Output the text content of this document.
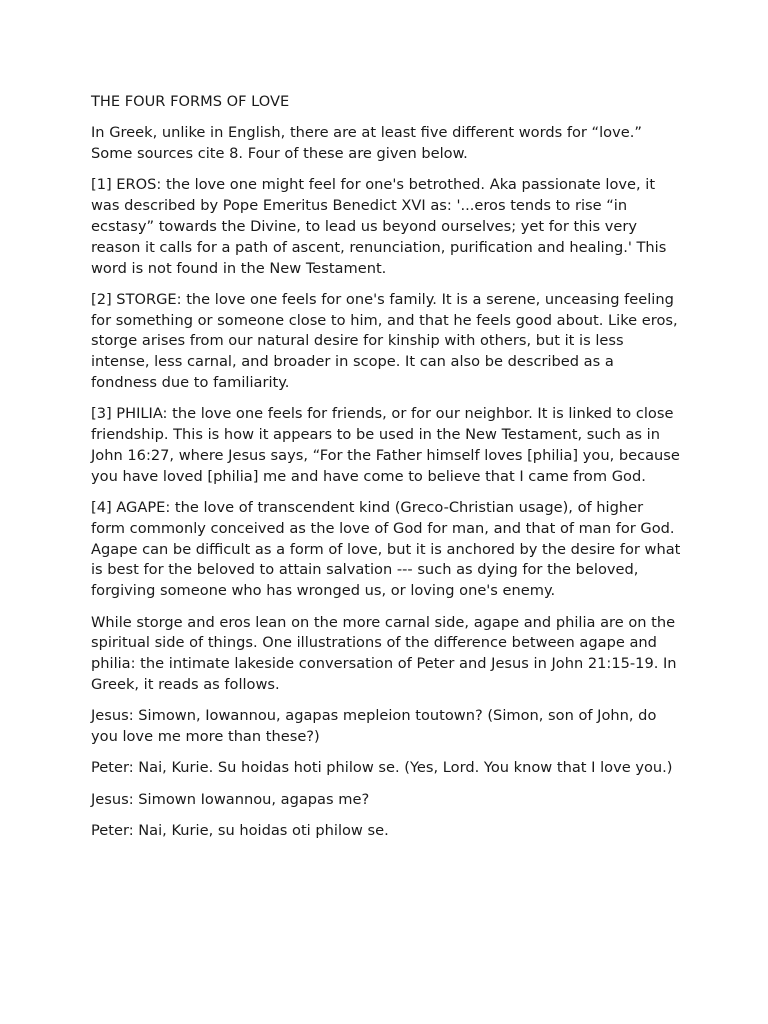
THE FOUR FORMS OF LOVE

In Greek, unlike in English, there are at least five different words for “love.” Some sources cite 8. Four of these are given below.

[1] EROS: the love one might feel for one's betrothed. Aka passionate love, it was described by Pope Emeritus Benedict XVI as: '...eros tends to rise “in ecstasy” towards the Divine, to lead us beyond ourselves; yet for this very reason it calls for a path of ascent, renunciation, purification and healing.' This word is not found in the New Testament.

[2] STORGE: the love one feels for one's family. It is a serene, unceasing feeling for something or someone close to him, and that he feels good about. Like eros, storge arises from our natural desire for kinship with others, but it is less intense, less carnal, and broader in scope. It can also be described as a fondness due to familiarity.

[3] PHILIA: the love one feels for friends, or for our neighbor. It is linked to close friendship. This is how it appears to be used in the New Testament, such as in John 16:27, where Jesus says, “For the Father himself loves [philia] you, because you have loved [philia] me and have come to believe that I came from God.

[4] AGAPE: the love of transcendent kind (Greco-Christian usage), of higher form commonly conceived as the love of God for man, and that of man for God. Agape can be difficult as a form of love, but it is anchored by the desire for what is best for the beloved to attain salvation --- such as dying for the beloved, forgiving someone who has wronged us, or loving one's enemy.

While storge and eros lean on the more carnal side, agape and philia are on the spiritual side of things. One illustrations of the difference between agape and philia: the intimate lakeside conversation of Peter and Jesus in John 21:15-19. In Greek, it reads as follows.

Jesus: Simown, Iowannou, agapas mepleion toutown? (Simon, son of John, do you love me more than these?)

Peter: Nai, Kurie. Su hoidas hoti philow se. (Yes, Lord. You know that I love you.)

Jesus: Simown Iowannou, agapas me?

Peter: Nai, Kurie, su hoidas oti philow se.
